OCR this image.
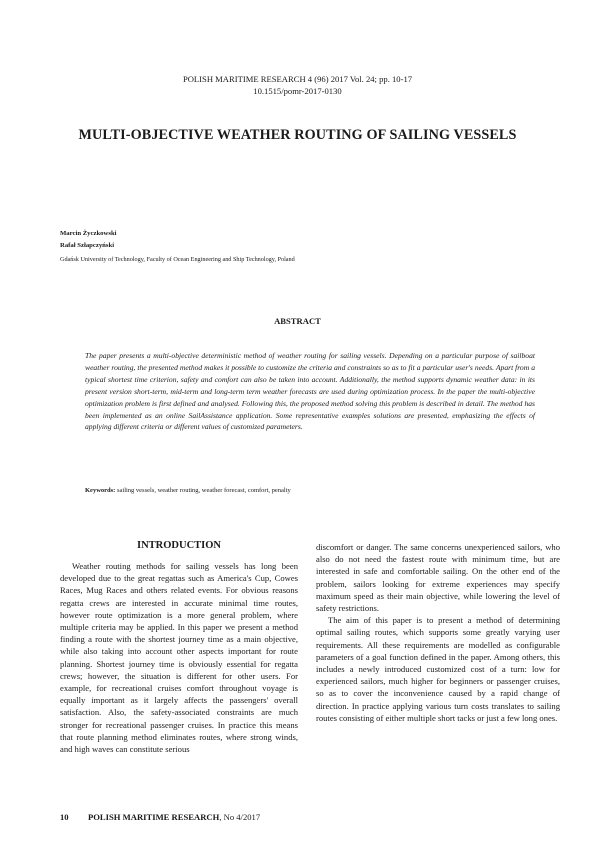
POLISH MARITIME RESEARCH 4 (96) 2017 Vol. 24; pp. 10-17
10.1515/pomr-2017-0130
MULTI-OBJECTIVE WEATHER ROUTING OF SAILING VESSELS
Marcin Życzkowski
Rafał Szłapczyński
Gdańsk University of Technology, Faculty of Ocean Engineering and Ship Technology, Poland
ABSTRACT
The paper presents a multi-objective deterministic method of weather routing for sailing vessels. Depending on a particular purpose of sailboat weather routing, the presented method makes it possible to customize the criteria and constraints so as to fit a particular user's needs. Apart from a typical shortest time criterion, safety and comfort can also be taken into account. Additionally, the method supports dynamic weather data: in its present version short-term, mid-term and long-term term weather forecasts are used during optimization process. In the paper the multi-objective optimization problem is first defined and analysed. Following this, the proposed method solving this problem is described in detail. The method has been implemented as an online SailAssistance application. Some representative examples solutions are presented, emphasizing the effects of applying different criteria or different values of customized parameters.
Keywords: sailing vessels, weather routing, weather forecast, comfort, penalty
INTRODUCTION

Weather routing methods for sailing vessels has long been developed due to the great regattas such as America's Cup, Cowes Races, Mug Races and others related events. For obvious reasons regatta crews are interested in accurate minimal time routes, however route optimization is a more general problem, where multiple criteria may be applied. In this paper we present a method finding a route with the shortest journey time as a main objective, while also taking into account other aspects important for route planning. Shortest journey time is obviously essential for regatta crews; however, the situation is different for other users. For example, for recreational cruises comfort throughout voyage is equally important as it largely affects the passengers' overall satisfaction. Also, the safety-associated constraints are much stronger for recreational passenger cruises. In practice this means that route planning method eliminates routes, where strong winds, and high waves can constitute serious

discomfort or danger. The same concerns unexperienced sailors, who also do not need the fastest route with minimum time, but are interested in safe and comfortable sailing. On the other end of the problem, sailors looking for extreme experiences may specify maximum speed as their main objective, while lowering the level of safety restrictions.

The aim of this paper is to present a method of determining optimal sailing routes, which supports some greatly varying user requirements. All these requirements are modelled as configurable parameters of a goal function defined in the paper. Among others, this includes a newly introduced customized cost of a turn: low for experienced sailors, much higher for beginners or passenger cruises, so as to cover the inconvenience caused by a rapid change of direction. In practice applying various turn costs translates to sailing routes consisting of either multiple short tacks or just a few long ones.

10 POLISH MARITIME RESEARCH, No 4/2017
